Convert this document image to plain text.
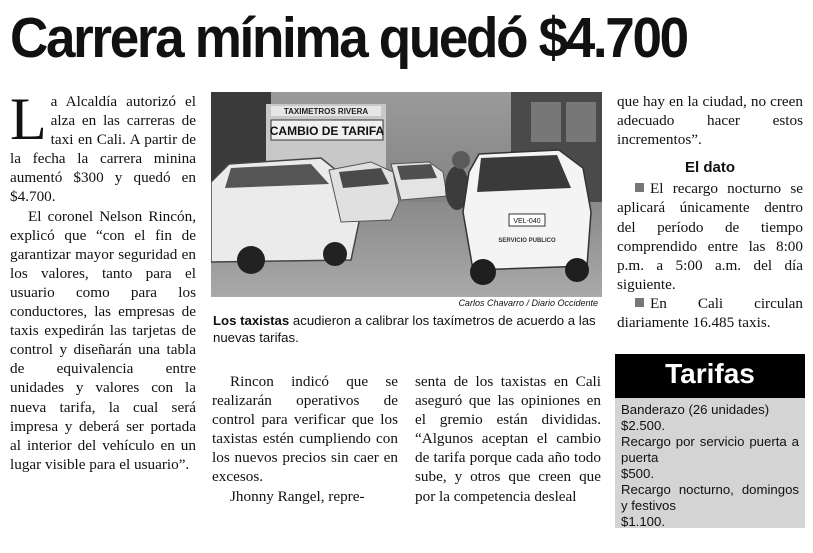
Carrera mínima quedó $4.700

La Alcaldía autorizó el alza en las carreras de taxi en Cali. A partir de la fecha la carrera minina aumentó $300 y quedó en $4.700.

El coronel Nelson Rincón, explicó que “con el fin de garantizar mayor seguridad en los valores, tanto para el usuario como para los conductores, las empresas de taxis expedirán las tarjetas de control y diseñarán una tabla de equivalencia entre unidades y valores con la nueva tarifa, la cual será impresa y deberá ser portada al interior del vehículo en un lugar visible para el usuario”.

TAXIMETROS RIVERA
CAMBIO DE TARIFA
VEL-040
SERVICIO PUBLICO
Carlos Chavarro / Diario Occidente
Los taxistas acudieron a calibrar los taxímetros de acuerdo a las nuevas tarifas.

Rincon indicó que se realizarán operativos de control para verificar que los taxistas estén cumpliendo con los nuevos precios sin caer en excesos.

Jhonny Rangel, repre-

senta de los taxistas en Cali aseguró que las opiniones en el gremio están divididas. “Algunos aceptan el cambio de tarifa porque cada año todo sube, y otros que creen que por la competencia desleal

que hay en la ciudad, no creen adecuado hacer estos incrementos”.

El dato

El recargo nocturno se aplicará únicamente dentro del período de tiempo comprendido entre las 8:00 p.m. a 5:00 a.m. del día siguiente.

En Cali circulan diariamente 16.485 taxis.

Tarifas
Banderazo (26 unidades)
$2.500.
Recargo por servicio puerta a puerta
$500.
Recargo nocturno, domingos y festivos
$1.100.
